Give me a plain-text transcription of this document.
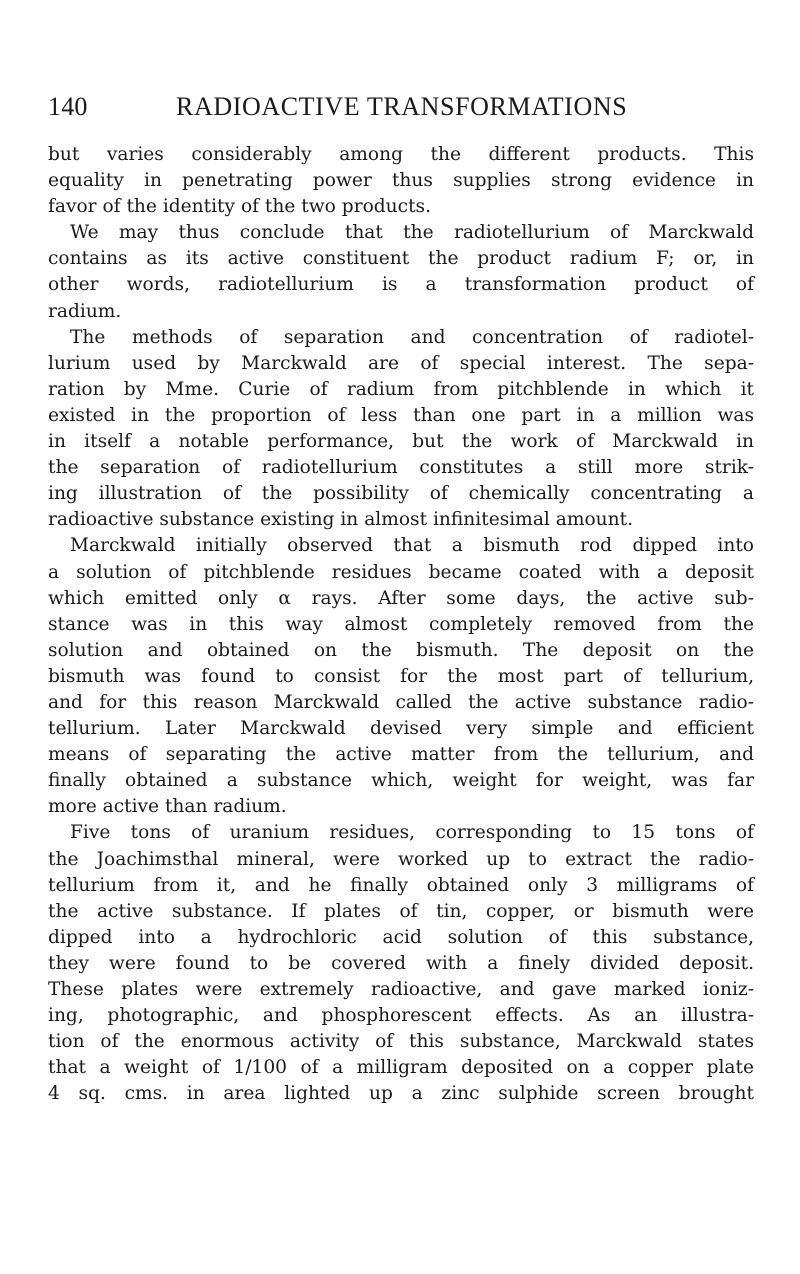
140	RADIOACTIVE TRANSFORMATIONS
but varies considerably among the different products. This
equality in penetrating power thus supplies strong evidence in
favor of the identity of the two products.
We may thus conclude that the radiotellurium of Marckwald
contains as its active constituent the product radium F; or, in
other words, radiotellurium is a transformation product of
radium.
The methods of separation and concentration of radiotel-
lurium used by Marckwald are of special interest. The sepa-
ration by Mme. Curie of radium from pitchblende in which it
existed in the proportion of less than one part in a million was
in itself a notable performance, but the work of Marckwald in
the separation of radiotellurium constitutes a still more strik-
ing illustration of the possibility of chemically concentrating a
radioactive substance existing in almost infinitesimal amount.
Marckwald initially observed that a bismuth rod dipped into
a solution of pitchblende residues became coated with a deposit
which emitted only α rays. After some days, the active sub-
stance was in this way almost completely removed from the
solution and obtained on the bismuth. The deposit on the
bismuth was found to consist for the most part of tellurium,
and for this reason Marckwald called the active substance radio-
tellurium. Later Marckwald devised very simple and efficient
means of separating the active matter from the tellurium, and
finally obtained a substance which, weight for weight, was far
more active than radium.
Five tons of uranium residues, corresponding to 15 tons of
the Joachimsthal mineral, were worked up to extract the radio-
tellurium from it, and he finally obtained only 3 milligrams of
the active substance. If plates of tin, copper, or bismuth were
dipped into a hydrochloric acid solution of this substance,
they were found to be covered with a finely divided deposit.
These plates were extremely radioactive, and gave marked ioniz-
ing, photographic, and phosphorescent effects. As an illustra-
tion of the enormous activity of this substance, Marckwald states
that a weight of 1/100 of a milligram deposited on a copper plate
4 sq. cms. in area lighted up a zinc sulphide screen brought
